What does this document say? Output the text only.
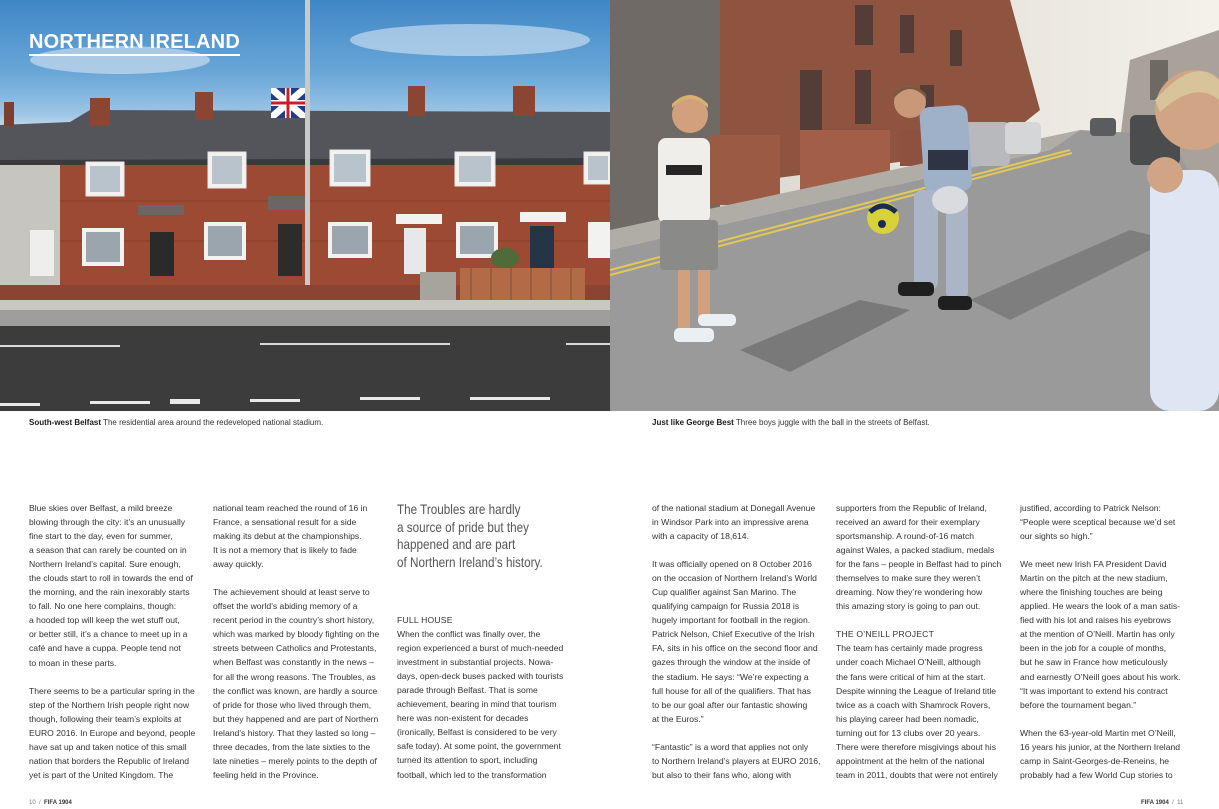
NORTHERN IRELAND
South-west Belfast The residential area around the redeveloped national stadium.	Just like George Best Three boys juggle with the ball in the streets of Belfast.

Blue skies over Belfast, a mild breeze
blowing through the city: it’s an unusually
fine start to the day, even for summer,
a season that can rarely be counted on in
Northern Ireland’s capital. Sure enough,
the clouds start to roll in towards the end of
the morning, and the rain inexorably starts
to fall. No one here complains, though:
a hooded top will keep the wet stuff out,
or better still, it’s a chance to meet up in a
café and have a cuppa. People tend not
to moan in these parts.

There seems to be a particular spring in the
step of the Northern Irish people right now
though, following their team’s exploits at
EURO 2016. In Europe and beyond, people
have sat up and taken notice of this small
nation that borders the Republic of Ireland
yet is part of the United Kingdom. The

national team reached the round of 16 in
France, a sensational result for a side
making its debut at the championships.
It is not a memory that is likely to fade
away quickly.

The achievement should at least serve to
offset the world’s abiding memory of a
recent period in the country’s short history,
which was marked by bloody fighting on the
streets between Catholics and Protestants,
when Belfast was constantly in the news –
for all the wrong reasons. The Troubles, as
the conflict was known, are hardly a source
of pride for those who lived through them,
but they happened and are part of Northern
Ireland’s history. That they lasted so long –
three decades, from the late sixties to the
late nineties – merely points to the depth of
feeling held in the Province.

FULL HOUSE

When the conflict was finally over, the
region experienced a burst of much-needed
investment in substantial projects. Nowa-
days, open-deck buses packed with tourists
parade through Belfast. That is some
achievement, bearing in mind that tourism
here was non-existent for decades
(ironically, Belfast is considered to be very
safe today). At some point, the government
turned its attention to sport, including
football, which led to the transformation

of the national stadium at Donegall Avenue
in Windsor Park into an impressive arena
with a capacity of 18,614.

It was officially opened on 8 October 2016
on the occasion of Northern Ireland’s World
Cup qualifier against San Marino. The
qualifying campaign for Russia 2018 is
hugely important for football in the region.
Patrick Nelson, Chief Executive of the Irish
FA, sits in his office on the second floor and
gazes through the window at the inside of
the stadium. He says: “We’re expecting a
full house for all of the qualifiers. That has
to be our goal after our fantastic showing
at the Euros.”

“Fantastic” is a word that applies not only
to Northern Ireland’s players at EURO 2016,
but also to their fans who, along with

supporters from the Republic of Ireland,
received an award for their exemplary
sportsmanship. A round-of-16 match
against Wales, a packed stadium, medals
for the fans – people in Belfast had to pinch
themselves to make sure they weren’t
dreaming. Now they’re wondering how
this amazing story is going to pan out.

THE O’NEILL PROJECT

The team has certainly made progress
under coach Michael O’Neill, although
the fans were critical of him at the start.
Despite winning the League of Ireland title
twice as a coach with Shamrock Rovers,
his playing career had been nomadic,
turning out for 13 clubs over 20 years.
There were therefore misgivings about his
appointment at the helm of the national
team in 2011, doubts that were not entirely

justified, according to Patrick Nelson:
“People were sceptical because we’d set
our sights so high.”

We meet new Irish FA President David
Martin on the pitch at the new stadium,
where the finishing touches are being
applied. He wears the look of a man satis-
fied with his lot and raises his eyebrows
at the mention of O’Neill. Martin has only
been in the job for a couple of months,
but he saw in France how meticulously
and earnestly O’Neill goes about his work.
“It was important to extend his contract
before the tournament began.”

When the 63-year-old Martin met O’Neill,
16 years his junior, at the Northern Ireland
camp in Saint-Georges-de-Reneins, he
probably had a few World Cup stories to

The Troubles are hardly
a source of pride but they
happened and are part
of Northern Ireland’s history.
10 / FIFA 1904	FIFA 1904 / 11
